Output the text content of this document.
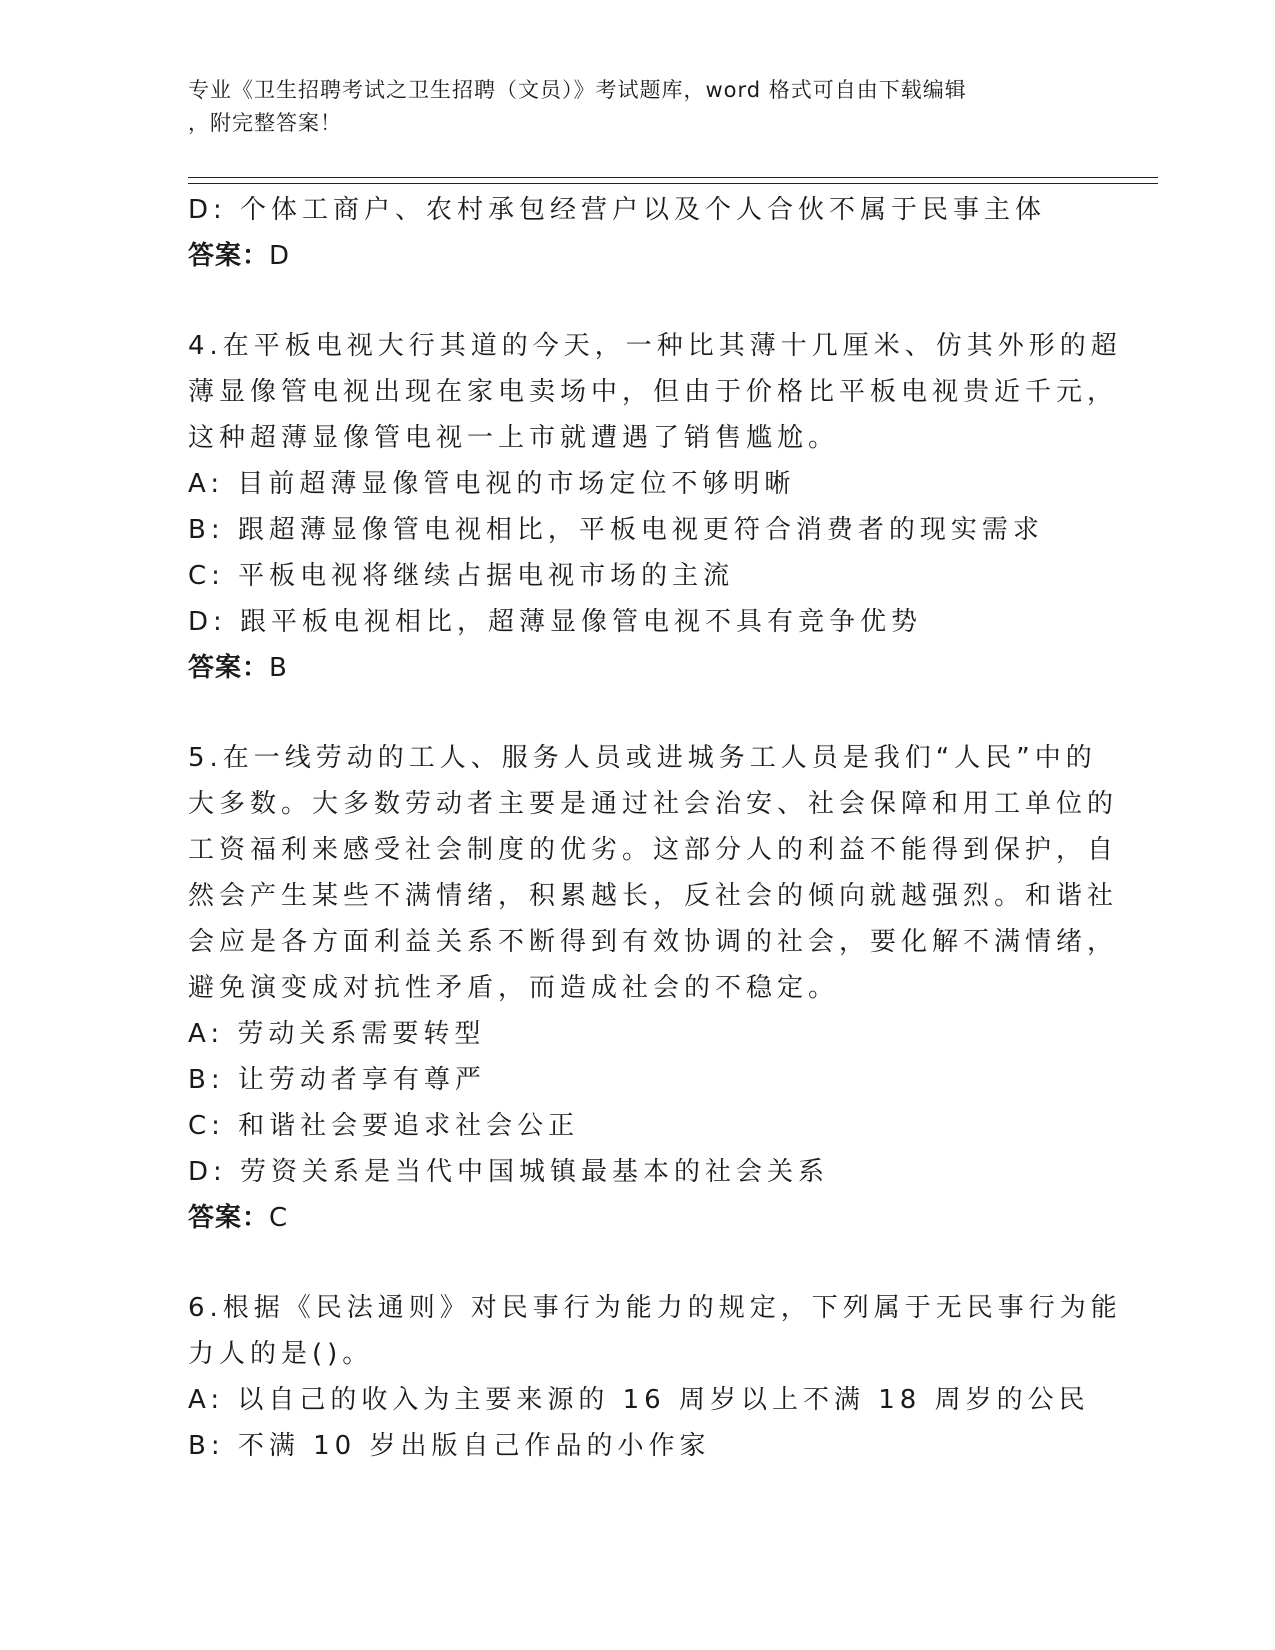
专业《卫生招聘考试之卫生招聘（文员）》考试题库，word 格式可自由下载编辑
，附完整答案！
D: 个体工商户、农村承包经营户以及个人合伙不属于民事主体
答案：D
4.在平板电视大行其道的今天，一种比其薄十几厘米、仿其外形的超
薄显像管电视出现在家电卖场中，但由于价格比平板电视贵近千元，
这种超薄显像管电视一上市就遭遇了销售尴尬。
A: 目前超薄显像管电视的市场定位不够明晰
B: 跟超薄显像管电视相比，平板电视更符合消费者的现实需求
C: 平板电视将继续占据电视市场的主流
D: 跟平板电视相比，超薄显像管电视不具有竞争优势
答案：B
5.在一线劳动的工人、服务人员或进城务工人员是我们“人民”中的
大多数。大多数劳动者主要是通过社会治安、社会保障和用工单位的
工资福利来感受社会制度的优劣。这部分人的利益不能得到保护，自
然会产生某些不满情绪，积累越长，反社会的倾向就越强烈。和谐社
会应是各方面利益关系不断得到有效协调的社会，要化解不满情绪，
避免演变成对抗性矛盾，而造成社会的不稳定。
A: 劳动关系需要转型
B: 让劳动者享有尊严
C: 和谐社会要追求社会公正
D: 劳资关系是当代中国城镇最基本的社会关系
答案：C
6.根据《民法通则》对民事行为能力的规定，下列属于无民事行为能
力人的是()。
A: 以自己的收入为主要来源的 16 周岁以上不满 18 周岁的公民
B: 不满 10 岁出版自己作品的小作家
